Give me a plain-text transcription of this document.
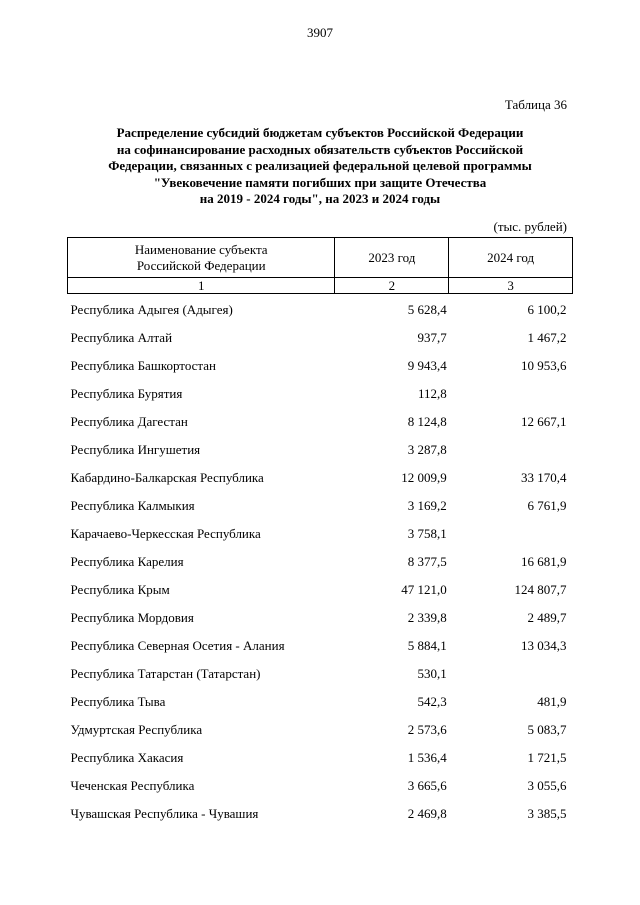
3907
Таблица 36
Распределение субсидий бюджетам субъектов Российской Федерации
на софинансирование расходных обязательств субъектов Российской
Федерации, связанных с реализацией федеральной целевой программы
"Увековечение памяти погибших при защите Отечества
на 2019 - 2024 годы", на 2023 и 2024 годы
(тыс. рублей)
Наименование субъекта
Российской Федерации	2023 год	2024 год
1	2	3
Республика Адыгея (Адыгея)	5 628,4	6 100,2
Республика Алтай	937,7	1 467,2
Республика Башкортостан	9 943,4	10 953,6
Республика Бурятия	112,8	
Республика Дагестан	8 124,8	12 667,1
Республика Ингушетия	3 287,8	
Кабардино-Балкарская Республика	12 009,9	33 170,4
Республика Калмыкия	3 169,2	6 761,9
Карачаево-Черкесская Республика	3 758,1	
Республика Карелия	8 377,5	16 681,9
Республика Крым	47 121,0	124 807,7
Республика Мордовия	2 339,8	2 489,7
Республика Северная Осетия - Алания	5 884,1	13 034,3
Республика Татарстан (Татарстан)	530,1	
Республика Тыва	542,3	481,9
Удмуртская Республика	2 573,6	5 083,7
Республика Хакасия	1 536,4	1 721,5
Чеченская Республика	3 665,6	3 055,6
Чувашская Республика - Чувашия	2 469,8	3 385,5
